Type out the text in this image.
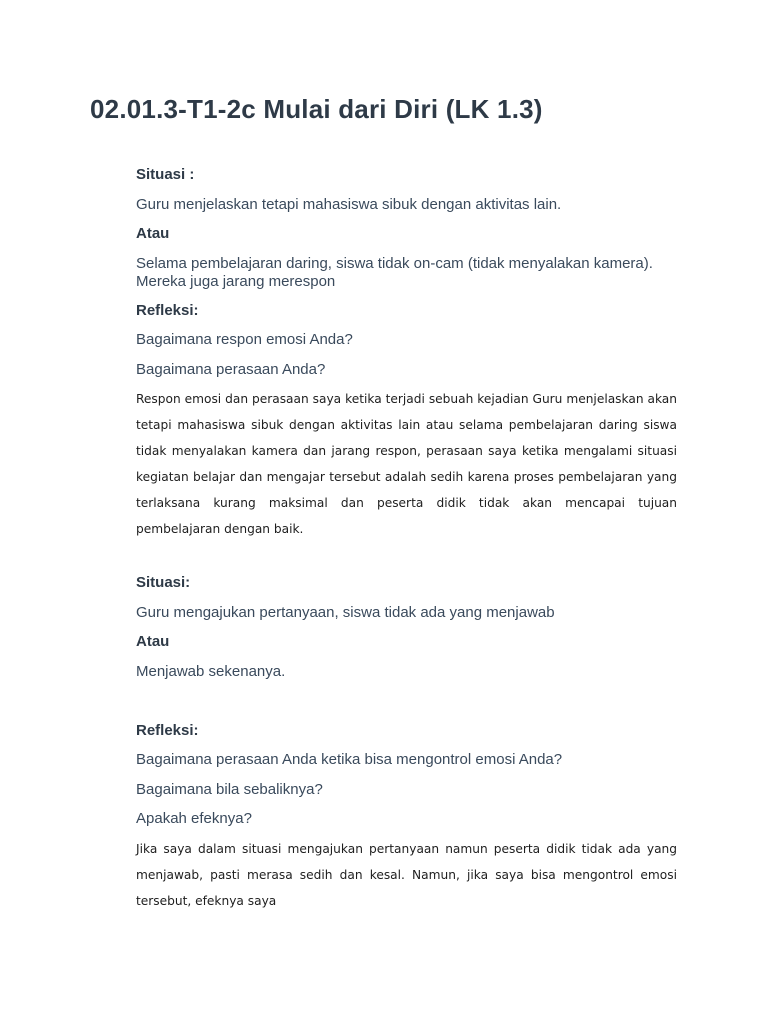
02.01.3-T1-2c Mulai dari Diri (LK 1.3)

Situasi :

Guru menjelaskan tetapi mahasiswa sibuk dengan aktivitas lain.

Atau

Selama pembelajaran daring, siswa tidak on-cam (tidak menyalakan kamera). Mereka juga jarang merespon

Refleksi:

Bagaimana respon emosi Anda?

Bagaimana perasaan Anda?

Respon emosi dan perasaan saya ketika terjadi sebuah kejadian Guru menjelaskan akan tetapi mahasiswa sibuk dengan aktivitas lain atau selama pembelajaran daring siswa tidak menyalakan kamera dan jarang respon, perasaan saya ketika mengalami situasi kegiatan belajar dan mengajar tersebut adalah sedih karena proses pembelajaran yang terlaksana kurang maksimal dan peserta didik tidak akan mencapai tujuan pembelajaran dengan baik.

Situasi:

Guru mengajukan pertanyaan, siswa tidak ada yang menjawab

Atau

Menjawab sekenanya.

Refleksi:

Bagaimana perasaan Anda ketika bisa mengontrol emosi Anda?

Bagaimana bila sebaliknya?

Apakah efeknya?

Jika saya dalam situasi mengajukan pertanyaan namun peserta didik tidak ada yang menjawab, pasti merasa sedih dan kesal. Namun, jika saya bisa mengontrol emosi tersebut, efeknya saya
